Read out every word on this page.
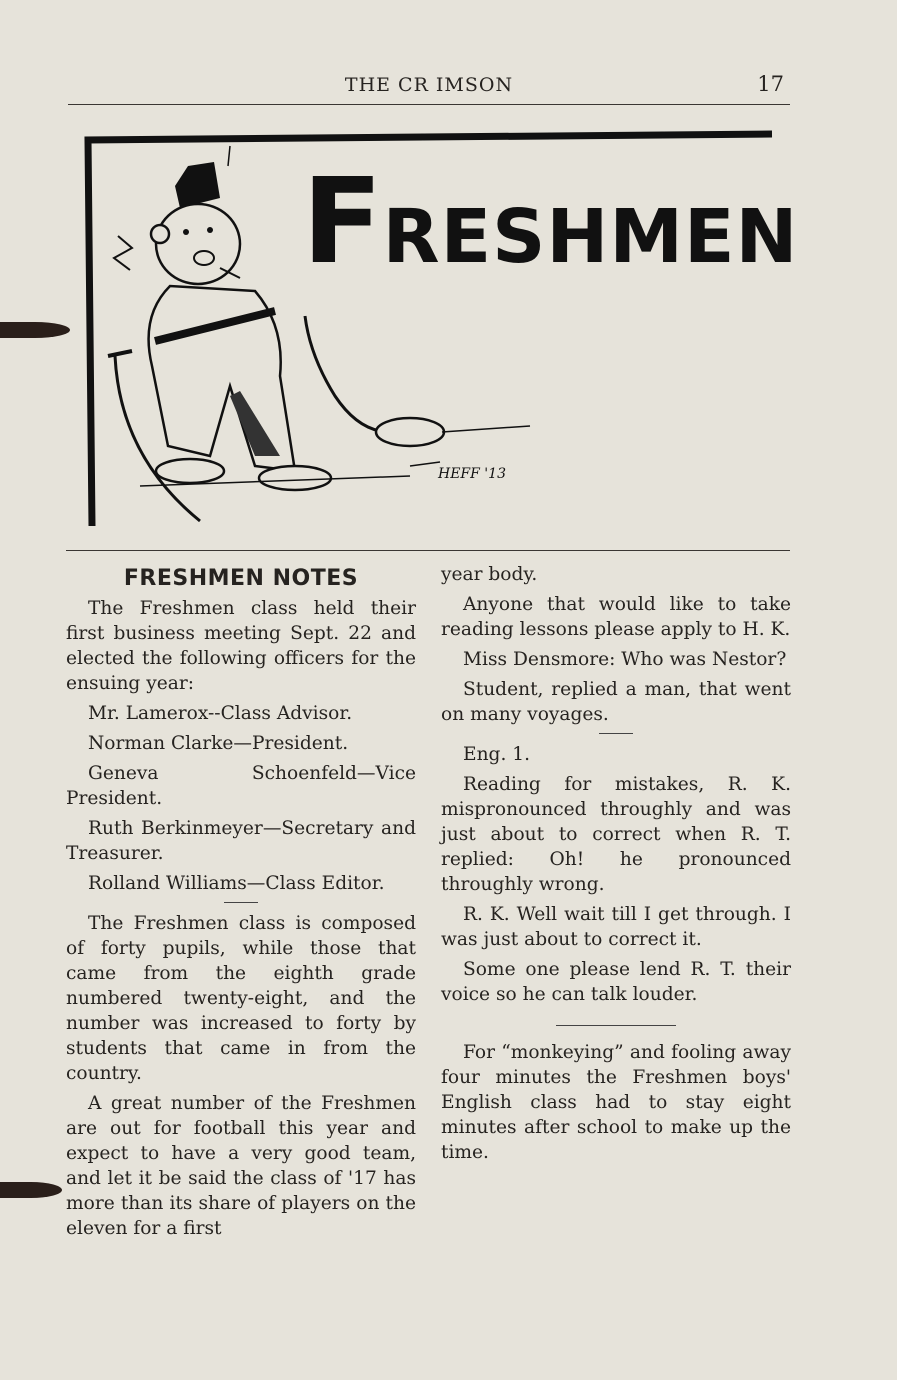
THE CR IMSON	17
HEFF '13
FRESHMEN
FRESHMEN NOTES

The Freshmen class held their first business meeting Sept. 22 and elected the following officers for the ensuing year:

Mr. Lamerox--Class Advisor.

Norman Clarke—President.

Geneva Schoenfeld—Vice President.

Ruth Berkinmeyer—Secretary and Treasurer.

Rolland Williams—Class Editor.

The Freshmen class is composed of forty pupils, while those that came from the eighth grade numbered twenty-eight, and the number was increased to forty by students that came in from the country.

A great number of the Freshmen are out for football this year and expect to have a very good team, and let it be said the class of '17 has more than its share of players on the eleven for a first

year body.

Anyone that would like to take reading lessons please apply to H. K.

Miss Densmore: Who was Nestor?

Student, replied a man, that went on many voyages.

Eng. 1.

Reading for mistakes, R. K. mispronounced throughly and was just about to correct when R. T. replied: Oh! he pronounced throughly wrong.

R. K. Well wait till I get through. I was just about to correct it.

Some one please lend R. T. their voice so he can talk louder.

For “monkeying” and fooling away four minutes the Freshmen boys' English class had to stay eight minutes after school to make up the time.
